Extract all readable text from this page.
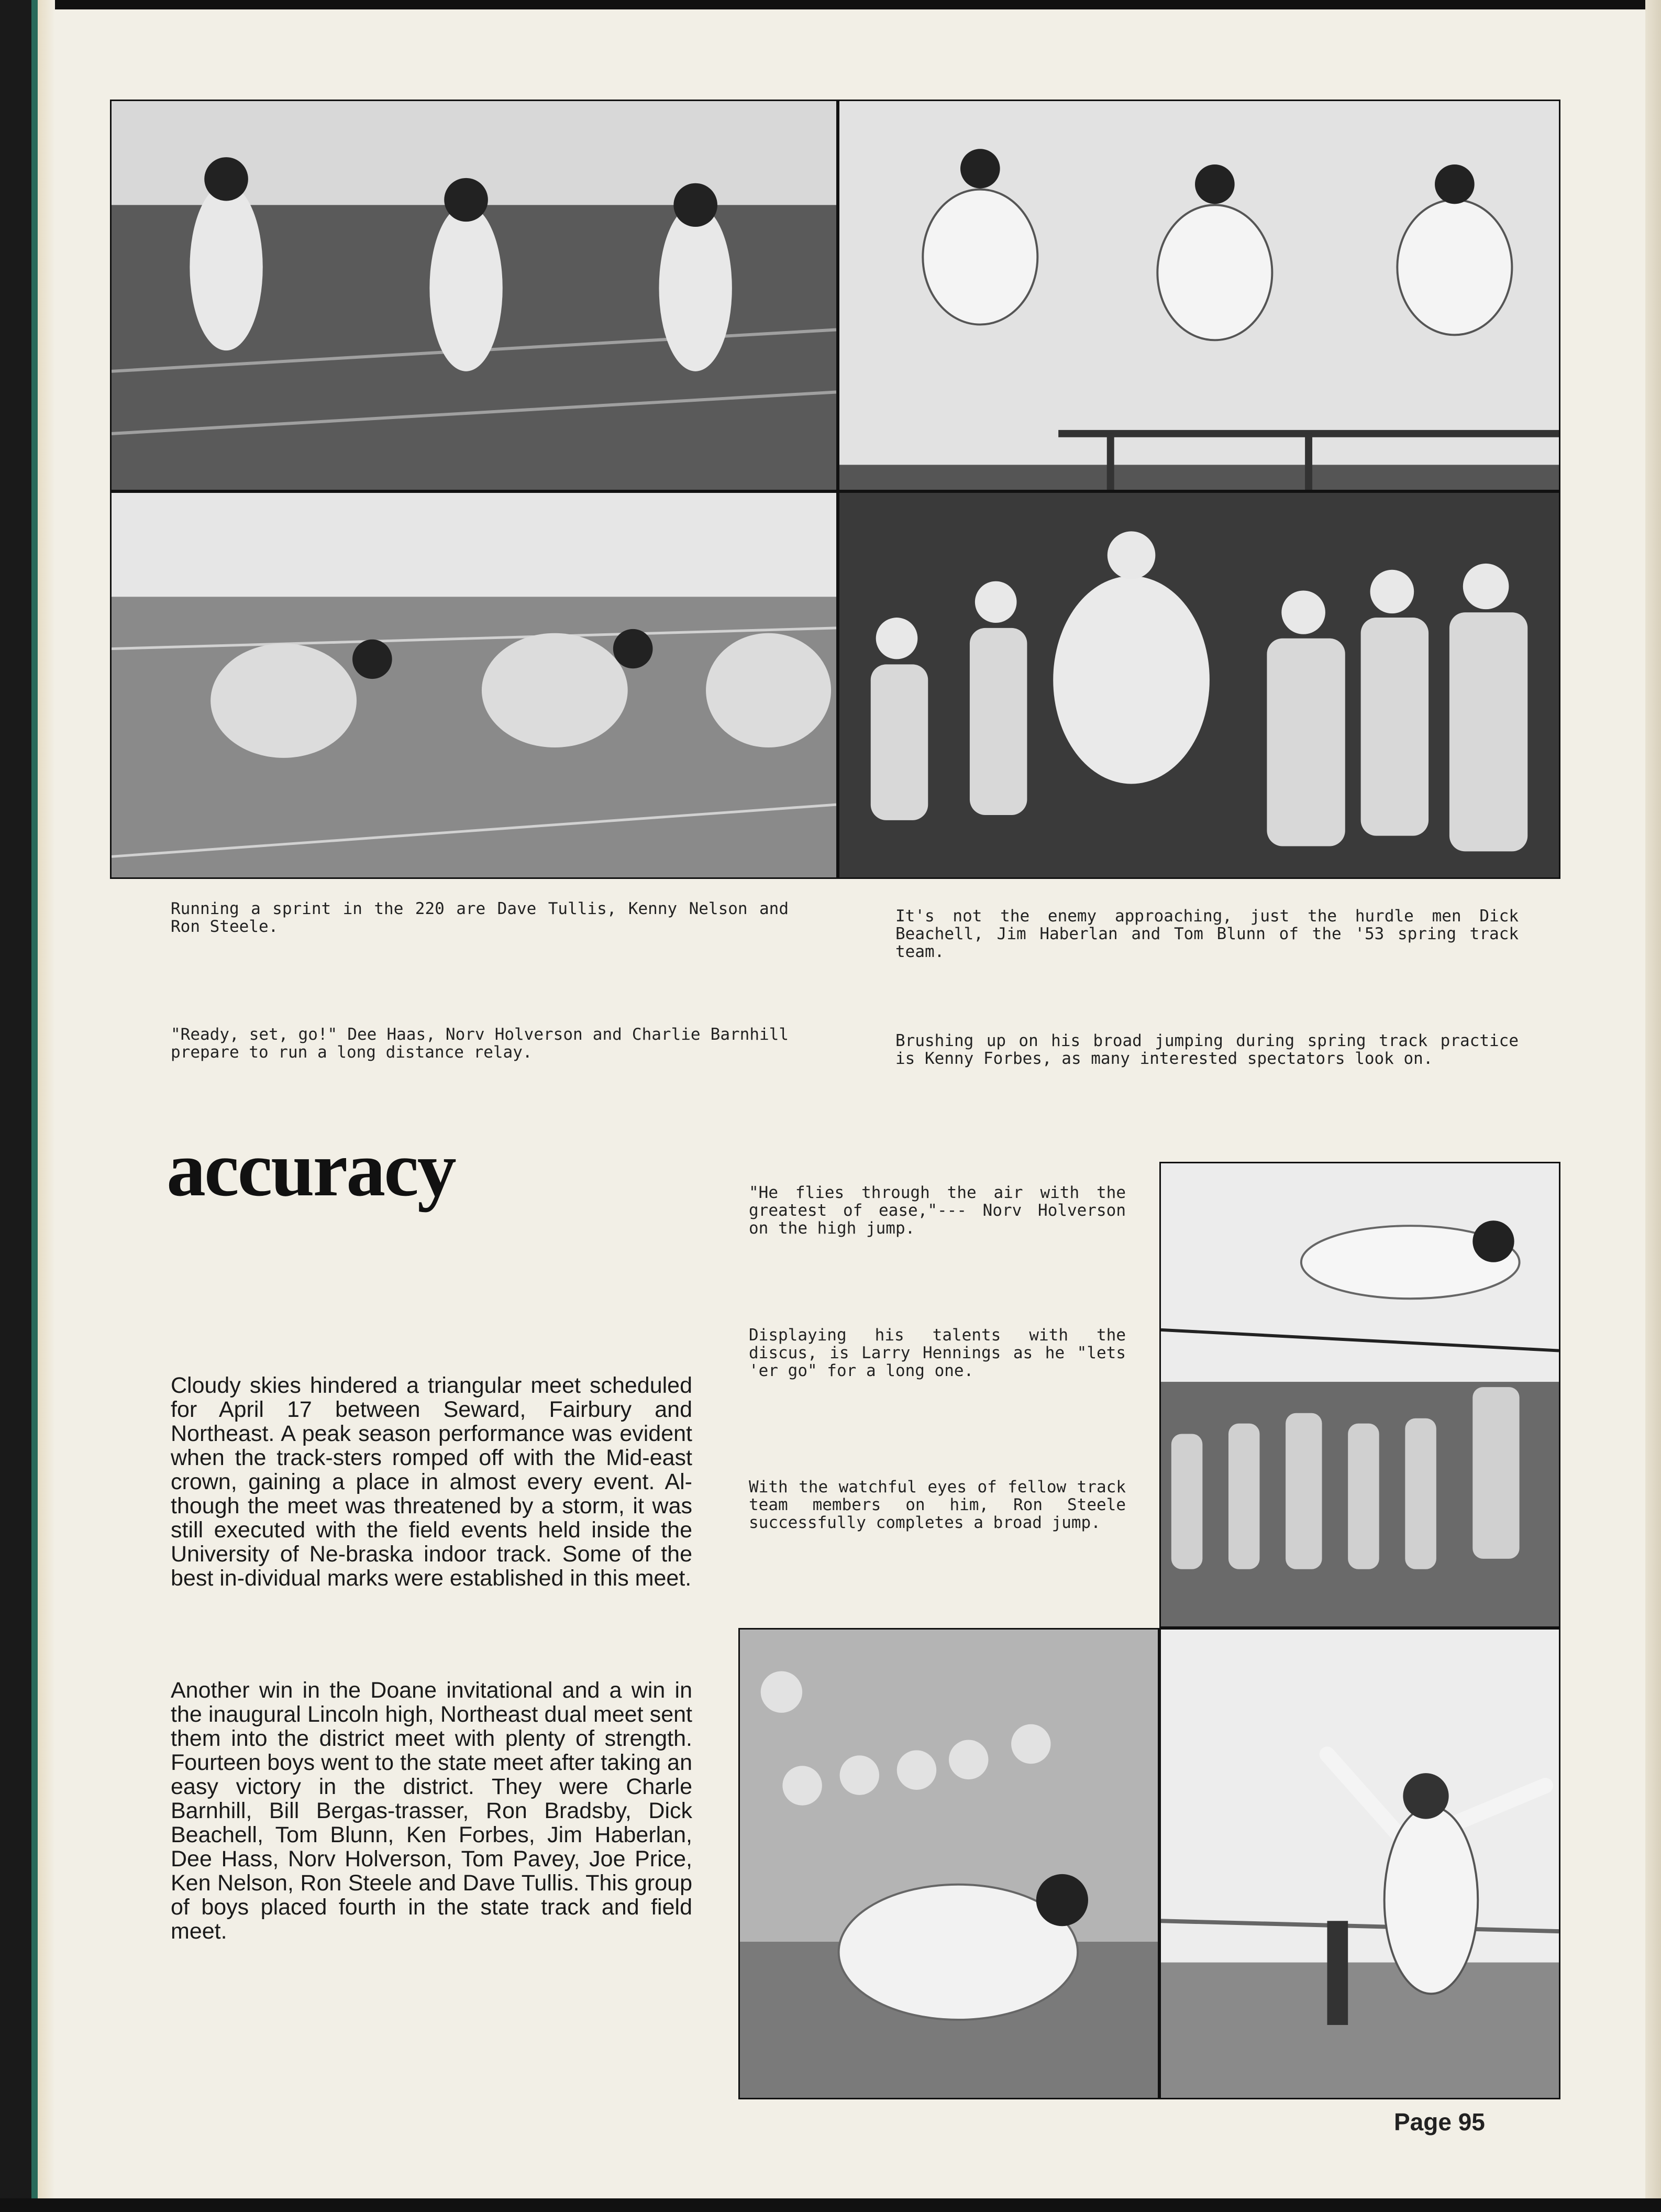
Running a sprint in the 220 are Dave Tullis, Kenny Nelson and Ron Steele.
It's not the enemy approaching, just the hurdle men Dick Beachell, Jim Haberlan and Tom Blunn of the '53 spring track team.
"Ready, set, go!" Dee Haas, Norv Holverson and Charlie Barnhill prepare to run a long distance relay.
Brushing up on his broad jumping during spring track practice is Kenny Forbes, as many interested spectators look on.
accuracy	"He flies through the air with the greatest of ease,"--- Norv Holverson on the high jump.
Displaying his talents with the discus, is Larry Hennings as he "lets 'er go" for a long one.
With the watchful eyes of fellow track team members on him, Ron Steele successfully completes a broad jump.

Cloudy skies hindered a triangular meet scheduled for April 17 between Seward, Fairbury and Northeast. A peak season performance was evident when the track-sters romped off with the Mid-east crown, gaining a place in almost every event. Al-though the meet was threatened by a storm, it was still executed with the field events held inside the University of Ne-braska indoor track. Some of the best in-dividual marks were established in this meet.

Another win in the Doane invitational and a win in the inaugural Lincoln high, Northeast dual meet sent them into the district meet with plenty of strength. Fourteen boys went to the state meet after taking an easy victory in the district. They were Charle Barnhill, Bill Bergas-trasser, Ron Bradsby, Dick Beachell, Tom Blunn, Ken Forbes, Jim Haberlan, Dee Hass, Norv Holverson, Tom Pavey, Joe Price, Ken Nelson, Ron Steele and Dave Tullis. This group of boys placed fourth in the state track and field meet.

Page 95
